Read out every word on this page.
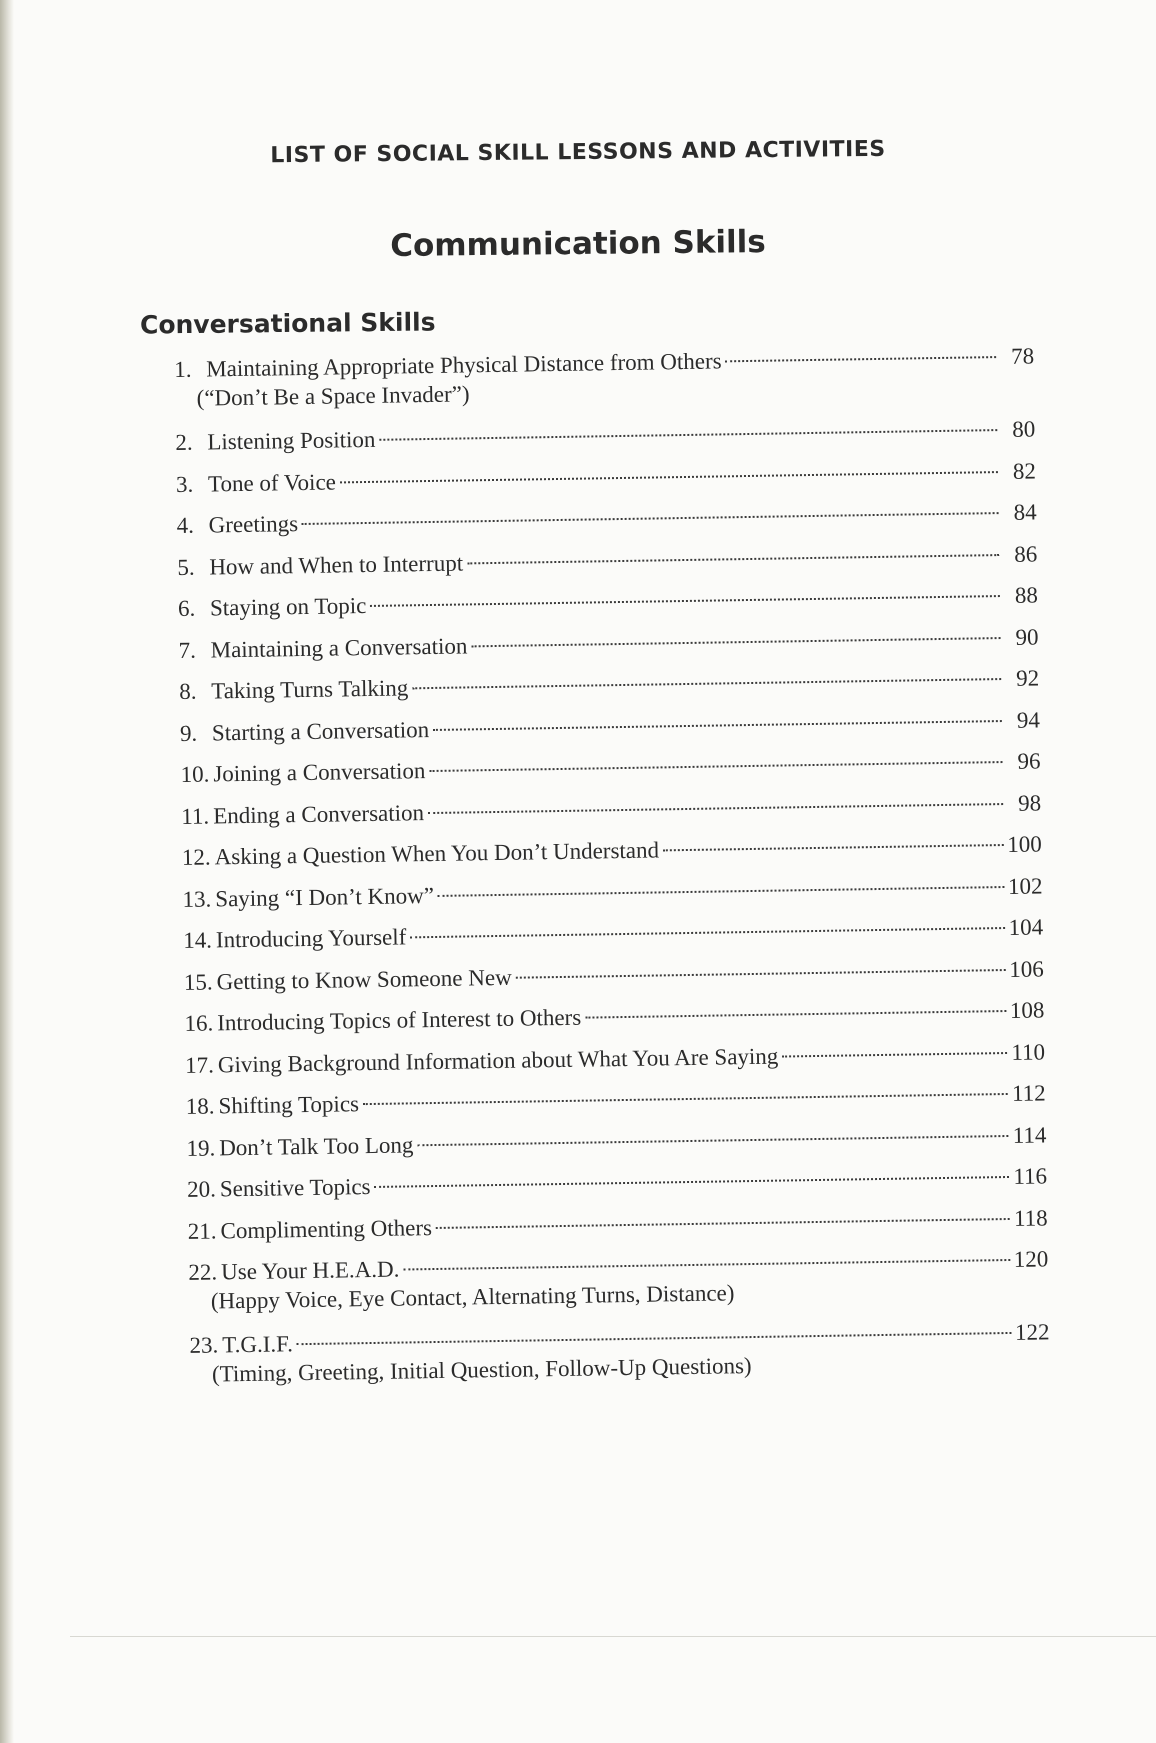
LIST OF SOCIAL SKILL LESSONS AND ACTIVITIES
Communication Skills
Conversational Skills
1. Maintaining Appropriate Physical Distance from Others	78
(“Don’t Be a Space Invader”)
2. Listening Position	80
3. Tone of Voice	82
4. Greetings	84
5. How and When to Interrupt	86
6. Staying on Topic	88
7. Maintaining a Conversation	90
8. Taking Turns Talking	92
9. Starting a Conversation	94
10. Joining a Conversation	96
11. Ending a Conversation	98
12. Asking a Question When You Don’t Understand	100
13. Saying “I Don’t Know”	102
14. Introducing Yourself	104
15. Getting to Know Someone New	106
16. Introducing Topics of Interest to Others	108
17. Giving Background Information about What You Are Saying	110
18. Shifting Topics	112
19. Don’t Talk Too Long	114
20. Sensitive Topics	116
21. Complimenting Others	118
22. Use Your H.E.A.D.	120
(Happy Voice, Eye Contact, Alternating Turns, Distance)
23. T.G.I.F.	122
(Timing, Greeting, Initial Question, Follow-Up Questions)
